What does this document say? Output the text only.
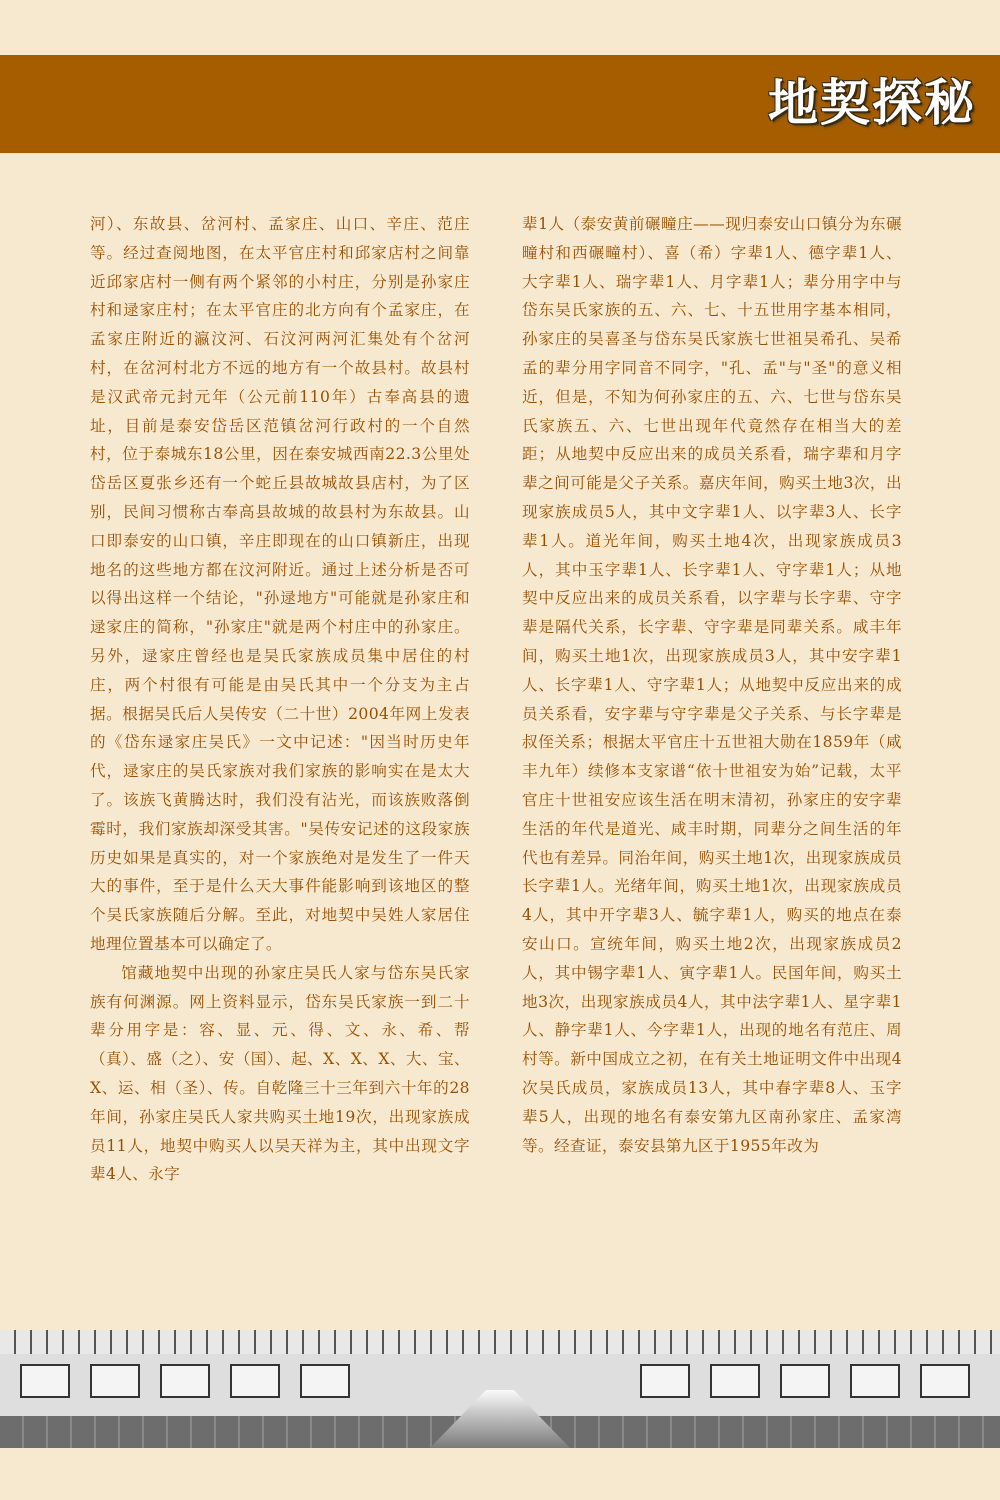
地契探秘

河）、东故县、岔河村、孟家庄、山口、辛庄、范庄等。经过查阅地图，在太平官庄村和邱家店村之间靠近邱家店村一侧有两个紧邻的小村庄，分别是孙家庄村和逯家庄村；在太平官庄的北方向有个孟家庄，在孟家庄附近的瀛汶河、石汶河两河汇集处有个岔河村，在岔河村北方不远的地方有一个故县村。故县村是汉武帝元封元年（公元前110年）古奉高县的遗址，目前是泰安岱岳区范镇岔河行政村的一个自然村，位于泰城东18公里，因在泰安城西南22.3公里处岱岳区夏张乡还有一个蛇丘县故城故县店村，为了区别，民间习惯称古奉高县故城的故县村为东故县。山口即泰安的山口镇，辛庄即现在的山口镇新庄，出现地名的这些地方都在汶河附近。通过上述分析是否可以得出这样一个结论，"孙逯地方"可能就是孙家庄和逯家庄的简称，"孙家庄"就是两个村庄中的孙家庄。另外，逯家庄曾经也是吴氏家族成员集中居住的村庄，两个村很有可能是由吴氏其中一个分支为主占据。根据吴氏后人吴传安（二十世）2004年网上发表的《岱东逯家庄吴氏》一文中记述："因当时历史年代，逯家庄的吴氏家族对我们家族的影响实在是太大了。该族飞黄腾达时，我们没有沾光，而该族败落倒霉时，我们家族却深受其害。"吴传安记述的这段家族历史如果是真实的，对一个家族绝对是发生了一件天大的事件，至于是什么天大事件能影响到该地区的整个吴氏家族随后分解。至此，对地契中吴姓人家居住地理位置基本可以确定了。

馆藏地契中出现的孙家庄吴氏人家与岱东吴氏家族有何渊源。网上资料显示，岱东吴氏家族一到二十辈分用字是：容、显、元、得、文、永、希、帮（真）、盛（之）、安（国）、起、X、X、X、大、宝、X、运、相（圣）、传。自乾隆三十三年到六十年的28年间，孙家庄吴氏人家共购买土地19次，出现家族成员11人，地契中购买人以吴天祥为主，其中出现文字辈4人、永字

辈1人（泰安黄前碾疃庄——现归泰安山口镇分为东碾疃村和西碾疃村）、喜（希）字辈1人、德字辈1人、大字辈1人、瑞字辈1人、月字辈1人；辈分用字中与岱东吴氏家族的五、六、七、十五世用字基本相同，孙家庄的吴喜圣与岱东吴氏家族七世祖吴希孔、吴希孟的辈分用字同音不同字，"孔、孟"与"圣"的意义相近，但是，不知为何孙家庄的五、六、七世与岱东吴氏家族五、六、七世出现年代竟然存在相当大的差距；从地契中反应出来的成员关系看，瑞字辈和月字辈之间可能是父子关系。嘉庆年间，购买土地3次，出现家族成员5人，其中文字辈1人、以字辈3人、长字辈1人。道光年间，购买土地4次，出现家族成员3人，其中玉字辈1人、长字辈1人、守字辈1人；从地契中反应出来的成员关系看，以字辈与长字辈、守字辈是隔代关系，长字辈、守字辈是同辈关系。咸丰年间，购买土地1次，出现家族成员3人，其中安字辈1人、长字辈1人、守字辈1人；从地契中反应出来的成员关系看，安字辈与守字辈是父子关系、与长字辈是叔侄关系；根据太平官庄十五世祖大勋在1859年（咸丰九年）续修本支家谱“依十世祖安为始”记载，太平官庄十世祖安应该生活在明末清初，孙家庄的安字辈生活的年代是道光、咸丰时期，同辈分之间生活的年代也有差异。同治年间，购买土地1次，出现家族成员长字辈1人。光绪年间，购买土地1次，出现家族成员4人，其中开字辈3人、毓字辈1人，购买的地点在泰安山口。宣统年间，购买土地2次，出现家族成员2人，其中锡字辈1人、寅字辈1人。民国年间，购买土地3次，出现家族成员4人，其中法字辈1人、星字辈1人、静字辈1人、今字辈1人，出现的地名有范庄、周村等。新中国成立之初，在有关土地证明文件中出现4次吴氏成员，家族成员13人，其中春字辈8人、玉字辈5人，出现的地名有泰安第九区南孙家庄、孟家湾等。经查证，泰安县第九区于1955年改为
